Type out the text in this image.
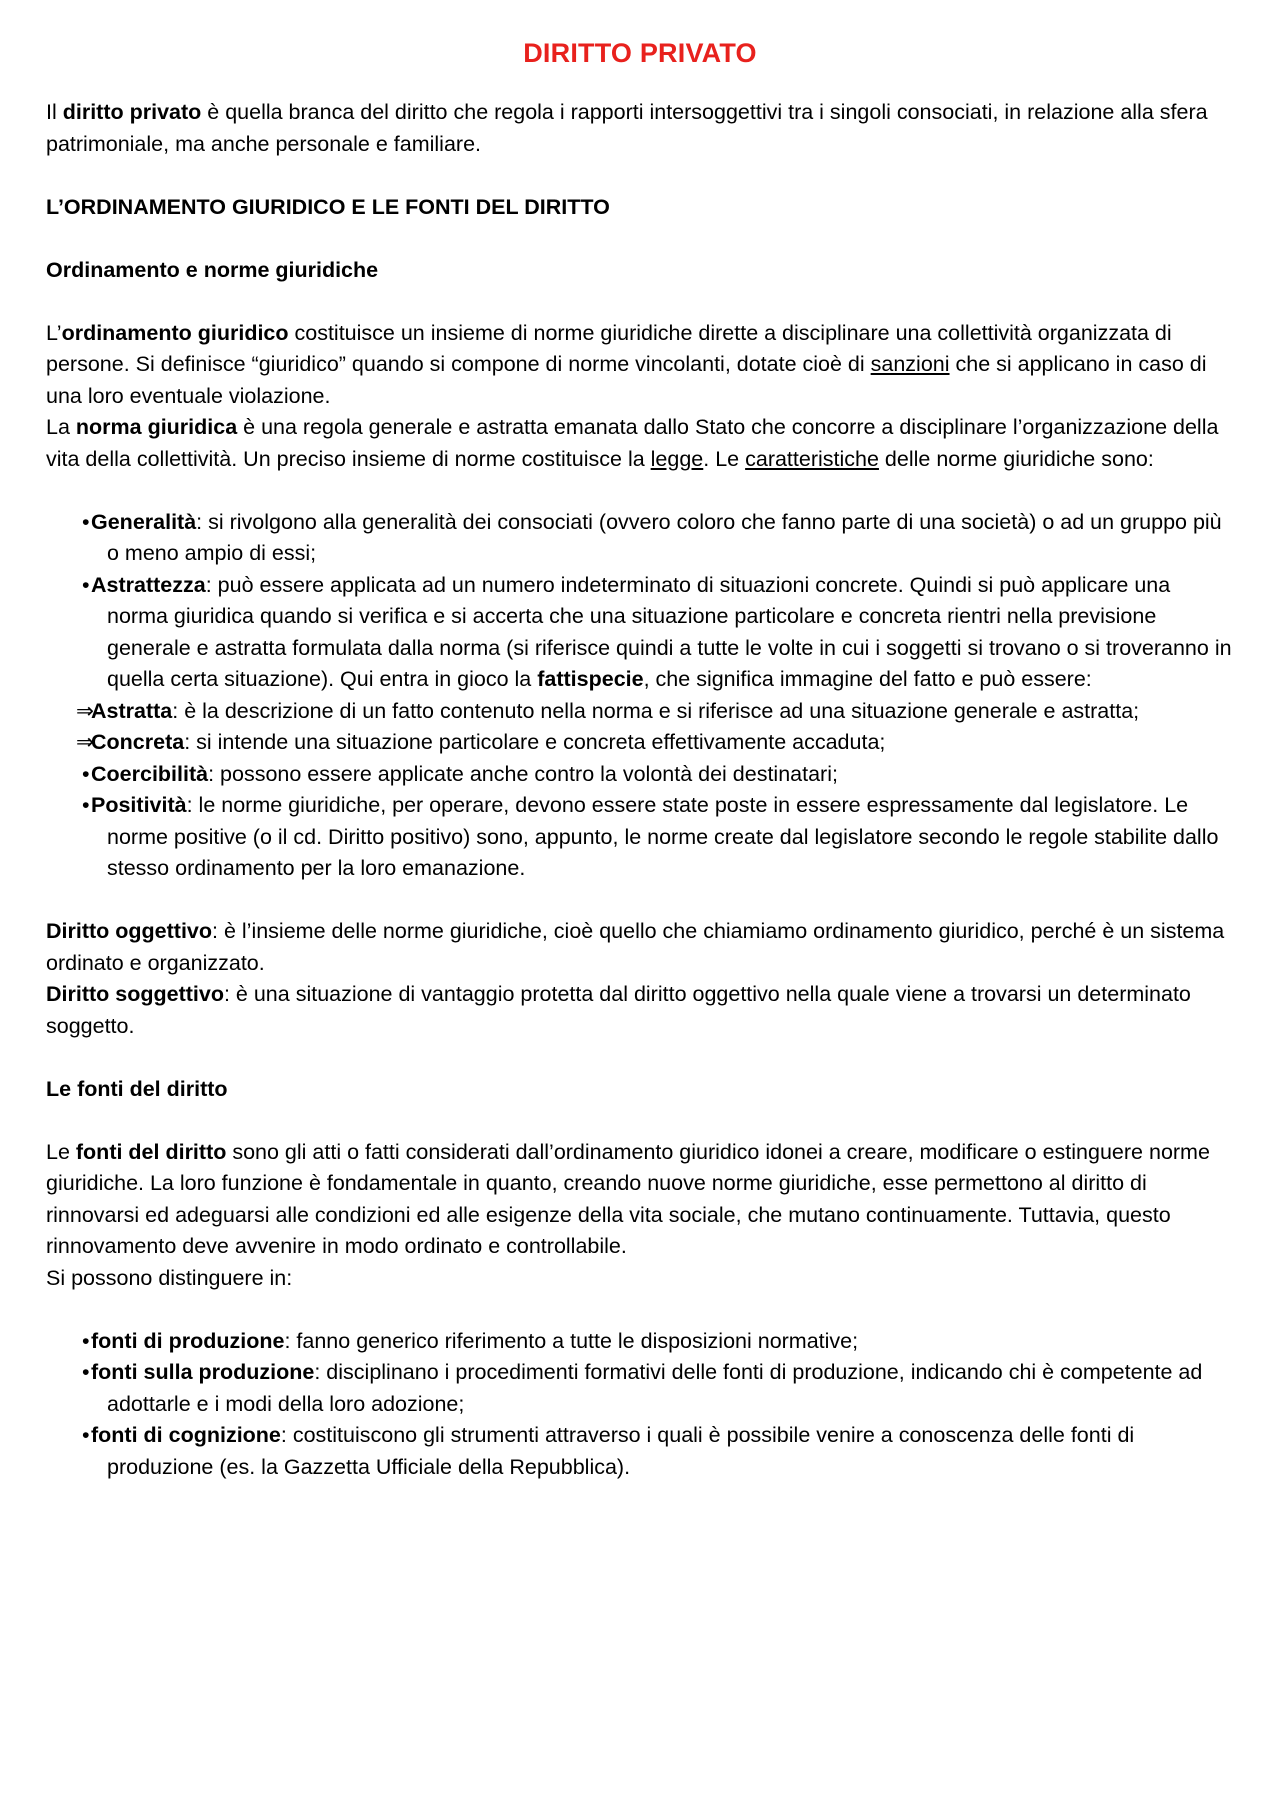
DIRITTO PRIVATO

Il diritto privato è quella branca del diritto che regola i rapporti intersoggettivi tra i singoli consociati, in relazione alla sfera patrimoniale, ma anche personale e familiare.

L’ORDINAMENTO GIURIDICO E LE FONTI DEL DIRITTO

Ordinamento e norme giuridiche

L’ordinamento giuridico costituisce un insieme di norme giuridiche dirette a disciplinare una collettività organizzata di persone. Si definisce “giuridico” quando si compone di norme vincolanti, dotate cioè di sanzioni che si applicano in caso di una loro eventuale violazione.

La norma giuridica è una regola generale e astratta emanata dallo Stato che concorre a disciplinare l’organizzazione della vita della collettività. Un preciso insieme di norme costituisce la legge. Le caratteristiche delle norme giuridiche sono:

• Generalità: si rivolgono alla generalità dei consociati (ovvero coloro che fanno parte di una società) o ad un gruppo più o meno ampio di essi;
• Astrattezza: può essere applicata ad un numero indeterminato di situazioni concrete. Quindi si può applicare una norma giuridica quando si verifica e si accerta che una situazione particolare e concreta rientri nella previsione generale e astratta formulata dalla norma (si riferisce quindi a tutte le volte in cui i soggetti si trovano o si troveranno in quella certa situazione). Qui entra in gioco la fattispecie, che significa immagine del fatto e può essere:
⇒
Astratta: è la descrizione di un fatto contenuto nella norma e si riferisce ad una situazione generale e astratta;
⇒
Concreta: si intende una situazione particolare e concreta effettivamente accaduta;
• Coercibilità: possono essere applicate anche contro la volontà dei destinatari;
• Positività: le norme giuridiche, per operare, devono essere state poste in essere espressamente dal legislatore. Le norme positive (o il cd. Diritto positivo) sono, appunto, le norme create dal legislatore secondo le regole stabilite dallo stesso ordinamento per la loro emanazione.

Diritto oggettivo: è l’insieme delle norme giuridiche, cioè quello che chiamiamo ordinamento giuridico, perché è un sistema ordinato e organizzato.

Diritto soggettivo: è una situazione di vantaggio protetta dal diritto oggettivo nella quale viene a trovarsi un determinato soggetto.

Le fonti del diritto

Le fonti del diritto sono gli atti o fatti considerati dall’ordinamento giuridico idonei a creare, modificare o estinguere norme giuridiche. La loro funzione è fondamentale in quanto, creando nuove norme giuridiche, esse permettono al diritto di rinnovarsi ed adeguarsi alle condizioni ed alle esigenze della vita sociale, che mutano continuamente. Tuttavia, questo rinnovamento deve avvenire in modo ordinato e controllabile.

Si possono distinguere in:

• fonti di produzione: fanno generico riferimento a tutte le disposizioni normative;
• fonti sulla produzione: disciplinano i procedimenti formativi delle fonti di produzione, indicando chi è competente ad adottarle e i modi della loro adozione;
• fonti di cognizione: costituiscono gli strumenti attraverso i quali è possibile venire a conoscenza delle fonti di produzione (es. la Gazzetta Ufficiale della Repubblica).
